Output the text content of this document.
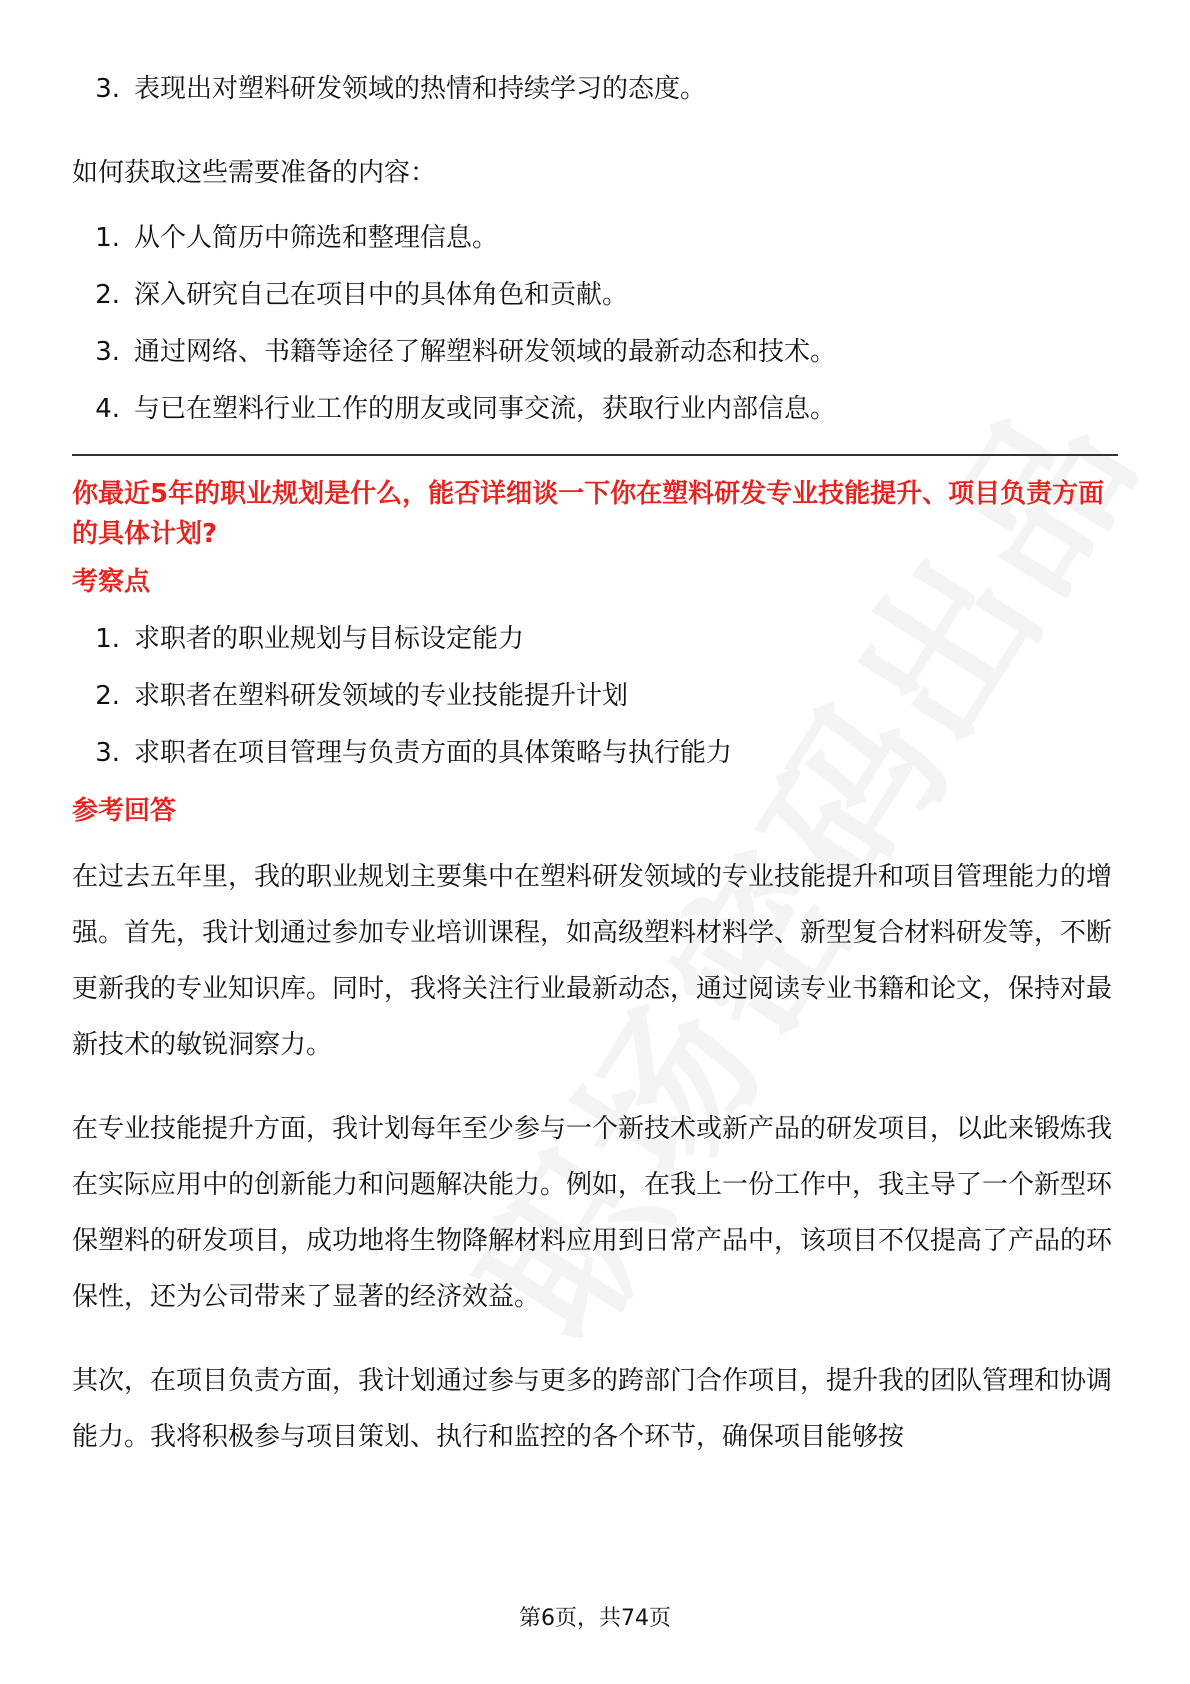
3. 表现出对塑料研发领域的热情和持续学习的态度。

如何获取这些需要准备的内容：

1. 从个人简历中筛选和整理信息。
2. 深入研究自己在项目中的具体角色和贡献。
3. 通过网络、书籍等途径了解塑料研发领域的最新动态和技术。
4. 与已在塑料行业工作的朋友或同事交流，获取行业内部信息。
你最近5年的职业规划是什么，能否详细谈一下你在塑料研发专业技能提升、项目负责方面的具体计划?
考察点
1. 求职者的职业规划与目标设定能力
2. 求职者在塑料研发领域的专业技能提升计划
3. 求职者在项目管理与负责方面的具体策略与执行能力
参考回答

在过去五年里，我的职业规划主要集中在塑料研发领域的专业技能提升和项目管理能力的增强。首先，我计划通过参加专业培训课程，如高级塑料材料学、新型复合材料研发等，不断更新我的专业知识库。同时，我将关注行业最新动态，通过阅读专业书籍和论文，保持对最新技术的敏锐洞察力。

在专业技能提升方面，我计划每年至少参与一个新技术或新产品的研发项目，以此来锻炼我在实际应用中的创新能力和问题解决能力。例如，在我上一份工作中，我主导了一个新型环保塑料的研发项目，成功地将生物降解材料应用到日常产品中，该项目不仅提高了产品的环保性，还为公司带来了显著的经济效益。

其次，在项目负责方面，我计划通过参与更多的跨部门合作项目，提升我的团队管理和协调能力。我将积极参与项目策划、执行和监控的各个环节，确保项目能够按

第6页，共74页
